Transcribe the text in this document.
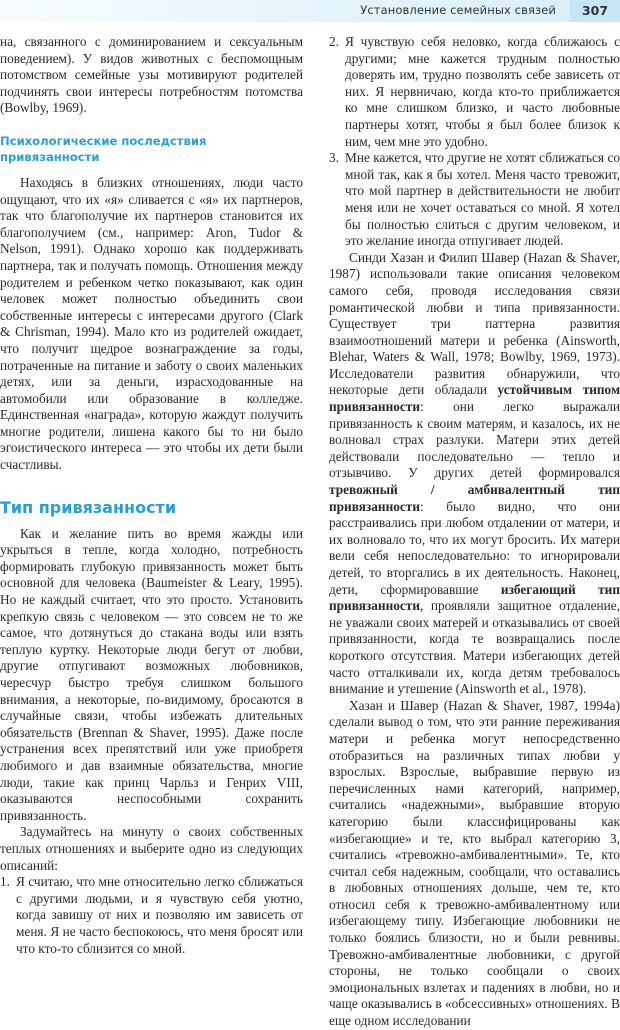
Установление семейных связей	307

на, связанного с доминированием и сексуальным поведением). У видов животных с беспомощным потомством семейные узы мотивируют родителей подчинять свои интересы потребностям потомства (Bowlby, 1969).

Психологические последствия привязанности

Находясь в близких отношениях, люди часто ощущают, что их «я» сливается с «я» их партнеров, так что благополучие их партнеров становится их благополучием (см., например: Aron, Tudor & Nelson, 1991). Однако хорошо как поддерживать партнера, так и получать помощь. Отношения между родителем и ребенком четко показывают, как один человек может полностью объединить свои собственные интересы с интересами другого (Clark & Chrisman, 1994). Мало кто из родителей ожидает, что получит щедрое вознаграждение за годы, потраченные на питание и заботу о своих маленьких детях, или за деньги, израсходованные на автомобили или образование в колледже. Единственная «награда», которую жаждут получить многие родители, лишена какого бы то ни было эгоистического интереса — это чтобы их дети были счастливы.

Тип привязанности

Как и желание пить во время жажды или укрыться в тепле, когда холодно, потребность формировать глубокую привязанность может быть основной для человека (Baumeister & Leary, 1995). Но не каждый считает, что это просто. Установить крепкую связь с человеком — это совсем не то же самое, что дотянуться до стакана воды или взять теплую куртку. Некоторые люди бегут от любви, другие отпугивают возможных любовников, чересчур быстро требуя слишком большого внимания, а некоторые, по-видимому, бросаются в случайные связи, чтобы избежать длительных обязательств (Brennan & Shaver, 1995). Даже после устранения всех препятствий или уже приобретя любимого и дав взаимные обязательства, многие люди, такие как принц Чарльз и Генрих VIII, оказываются неспособными сохранить привязанность.

Задумайтесь на минуту о своих собственных теплых отношениях и выберите одно из следующих описаний:

1. Я считаю, что мне относительно легко сближаться с другими людьми, и я чувствую себя уютно, когда завишу от них и позволяю им зависеть от меня. Я не часто беспокоюсь, что меня бросят или что кто-то сблизится со мной.
2. Я чувствую себя неловко, когда сближаюсь с другими; мне кажется трудным полностью доверять им, трудно позволять себе зависеть от них. Я нервничаю, когда кто-то приближается ко мне слишком близко, и часто любовные партнеры хотят, чтобы я был более близок к ним, чем мне это удобно.
3. Мне кажется, что другие не хотят сближаться со мной так, как я бы хотел. Меня часто тревожит, что мой партнер в действительности не любит меня или не хочет оставаться со мной. Я хотел бы полностью слиться с другим человеком, и это желание иногда отпугивает людей.

Синди Хазан и Филип Шавер (Hazan & Shaver, 1987) использовали такие описания человеком самого себя, проводя исследования связи романтической любви и типа привязанности. Существует три паттерна развития взаимоотношений матери и ребенка (Ainsworth, Blehar, Waters & Wall, 1978; Bowlby, 1969, 1973). Исследователи развития обнаружили, что некоторые дети обладали устойчивым типом привязанности: они легко выражали привязанность к своим матерям, и казалось, их не волновал страх разлуки. Матери этих детей действовали последовательно — тепло и отзывчиво. У других детей формировался тревожный / амбивалентный тип привязанности: было видно, что они расстраивались при любом отдалении от матери, и их волновало то, что их могут бросить. Их матери вели себя непоследовательно: то игнорировали детей, то вторгались в их деятельность. Наконец, дети, сформировавшие избегающий тип привязанности, проявляли защитное отдаление, не уважали своих матерей и отказывались от своей привязанности, когда те возвращались после короткого отсутствия. Матери избегающих детей часто отталкивали их, когда детям требовалось внимание и утешение (Ainsworth et al., 1978).

Хазан и Шавер (Hazan & Shaver, 1987, 1994a) сделали вывод о том, что эти ранние переживания матери и ребенка могут непосредственно отобразиться на различных типах любви у взрослых. Взрослые, выбравшие первую из перечисленных нами категорий, например, считались «надежными», выбравшие вторую категорию были классифицированы как «избегающие» и те, кто выбрал категорию 3, считались «тревожно-амбивалентными». Те, кто считал себя надежным, сообщали, что оставались в любовных отношениях дольше, чем те, кто относил себя к тревожно-амбивалентному или избегающему типу. Избегающие любовники не только боялись близости, но и были ревнивы. Тревожно-амбивалентные любовники, с другой стороны, не только сообщали о своих эмоциональных взлетах и падениях в любви, но и чаще оказывались в «обсессивных» отношениях. В еще одном исследовании
